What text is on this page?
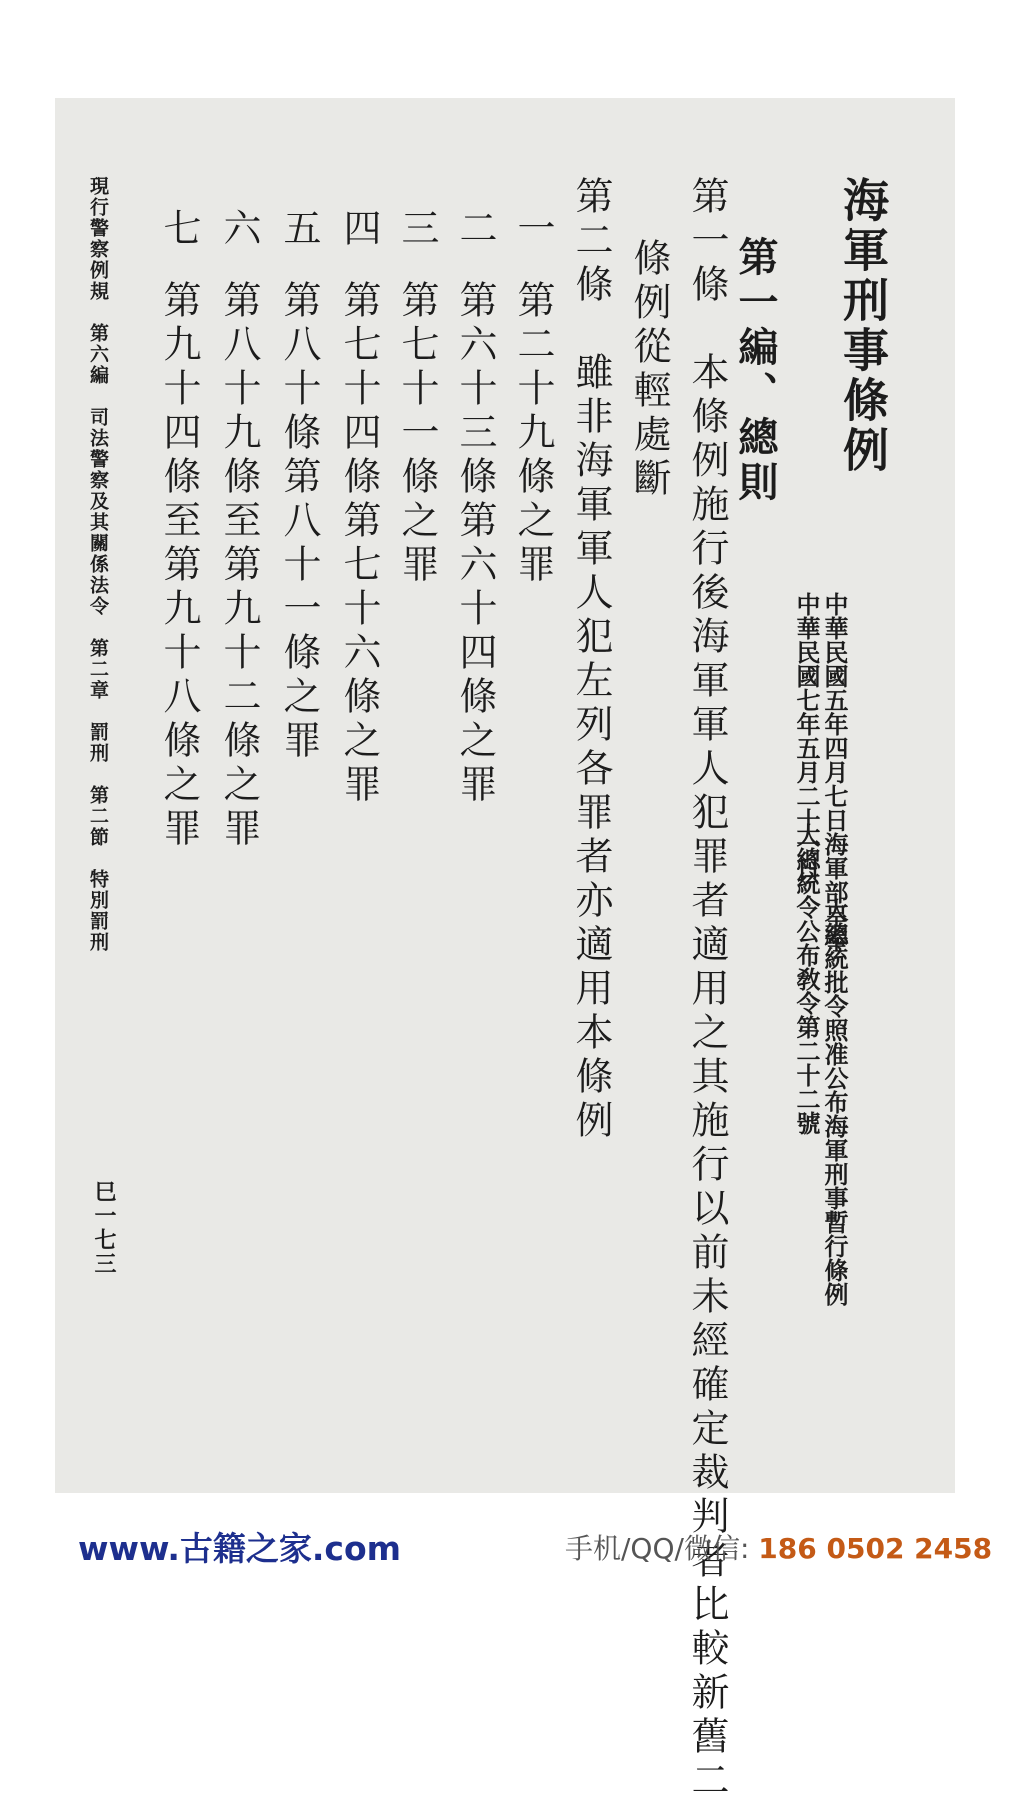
海軍刑事條例
中華民國五年四月七日海軍部呈奉
大總統批令照准公布海軍刑事暫行條例
中華民國七年五月二十一日
大總統令公布敎令第二十二號
第一編、總則
第一條　本條例施行後海軍軍人犯罪者適用之其施行以前未經確定裁判者比較新舊二
條例從輕處斷
第二條　雖非海軍軍人犯左列各罪者亦適用本條例
一
第二十九條之罪
二
第六十三條第六十四條之罪
三
第七十一條之罪
四
第七十四條第七十六條之罪
五
第八十條第八十一條之罪
六
第八十九條至第九十二條之罪
七
第九十四條至第九十八條之罪
現行警察例規　第六編　司法警察及其關係法令　第二章　罰刑　第二節　特別罰刑
巳一七三
www.古籍之家.com	手机/QQ/微信: 186 0502 2458
